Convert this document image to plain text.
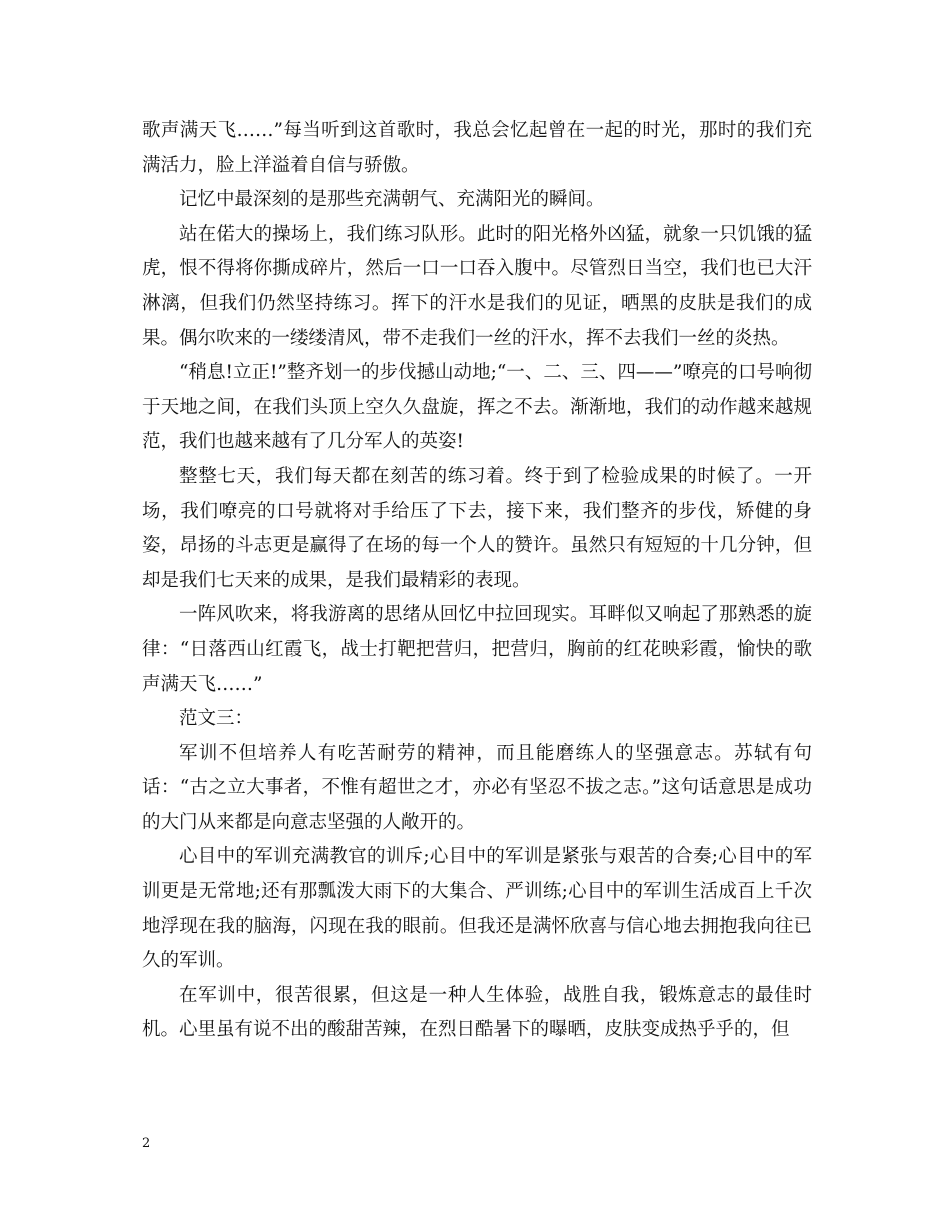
歌声满天飞……”每当听到这首歌时，我总会忆起曾在一起的时光，那时的我们充满活力，脸上洋溢着自信与骄傲。

记忆中最深刻的是那些充满朝气、充满阳光的瞬间。

站在偌大的操场上，我们练习队形。此时的阳光格外凶猛，就象一只饥饿的猛虎，恨不得将你撕成碎片，然后一口一口吞入腹中。尽管烈日当空，我们也已大汗淋漓，但我们仍然坚持练习。挥下的汗水是我们的见证，晒黑的皮肤是我们的成果。偶尔吹来的一缕缕清风，带不走我们一丝的汗水，挥不去我们一丝的炎热。

“稍息!立正!”整齐划一的步伐撼山动地;“一、二、三、四——”嘹亮的口号响彻于天地之间，在我们头顶上空久久盘旋，挥之不去。渐渐地，我们的动作越来越规范，我们也越来越有了几分军人的英姿!

整整七天，我们每天都在刻苦的练习着。终于到了检验成果的时候了。一开场，我们嘹亮的口号就将对手给压了下去，接下来，我们整齐的步伐，矫健的身姿，昂扬的斗志更是赢得了在场的每一个人的赞许。虽然只有短短的十几分钟，但却是我们七天来的成果，是我们最精彩的表现。

一阵风吹来，将我游离的思绪从回忆中拉回现实。耳畔似又响起了那熟悉的旋律：“日落西山红霞飞，战士打靶把营归，把营归，胸前的红花映彩霞，愉快的歌声满天飞……”

范文三：

军训不但培养人有吃苦耐劳的精神，而且能磨练人的坚强意志。苏轼有句话：“古之立大事者，不惟有超世之才，亦必有坚忍不拔之志。”这句话意思是成功的大门从来都是向意志坚强的人敞开的。

心目中的军训充满教官的训斥;心目中的军训是紧张与艰苦的合奏;心目中的军训更是无常地;还有那瓢泼大雨下的大集合、严训练;心目中的军训生活成百上千次地浮现在我的脑海，闪现在我的眼前。但我还是满怀欣喜与信心地去拥抱我向往已久的军训。

在军训中，很苦很累，但这是一种人生体验，战胜自我，锻炼意志的最佳时机。心里虽有说不出的酸甜苦辣，在烈日酷暑下的曝晒，皮肤变成热乎乎的，但

2
